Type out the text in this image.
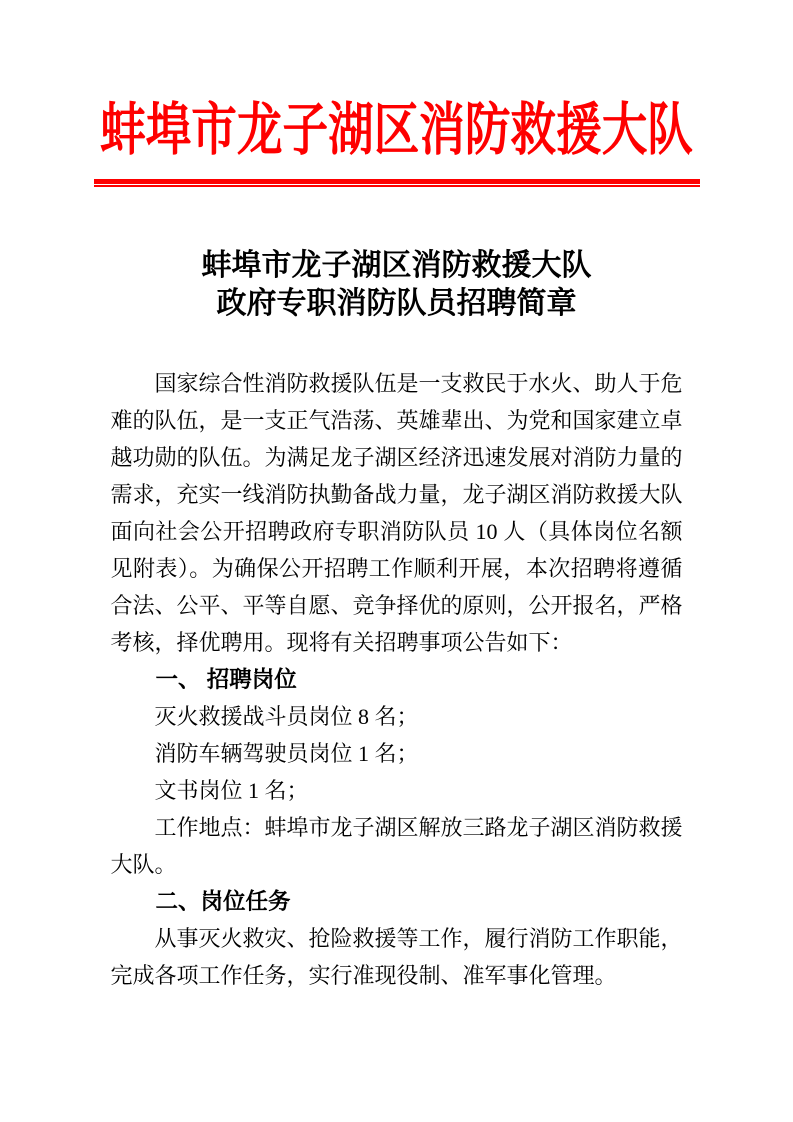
蚌埠市龙子湖区消防救援大队
蚌埠市龙子湖区消防救援大队
政府专职消防队员招聘简章

国家综合性消防救援队伍是一支救民于水火、助人于危难的队伍，是一支正气浩荡、英雄辈出、为党和国家建立卓越功勋的队伍。为满足龙子湖区经济迅速发展对消防力量的需求，充实一线消防执勤备战力量，龙子湖区消防救援大队面向社会公开招聘政府专职消防队员 10 人（具体岗位名额见附表）。为确保公开招聘工作顺利开展，本次招聘将遵循合法、公平、平等自愿、竞争择优的原则，公开报名，严格考核，择优聘用。现将有关招聘事项公告如下：

一、 招聘岗位

灭火救援战斗员岗位 8 名；

消防车辆驾驶员岗位 1 名；

文书岗位 1 名；

工作地点：蚌埠市龙子湖区解放三路龙子湖区消防救援大队。

二、岗位任务

从事灭火救灾、抢险救援等工作，履行消防工作职能，完成各项工作任务，实行准现役制、准军事化管理。
